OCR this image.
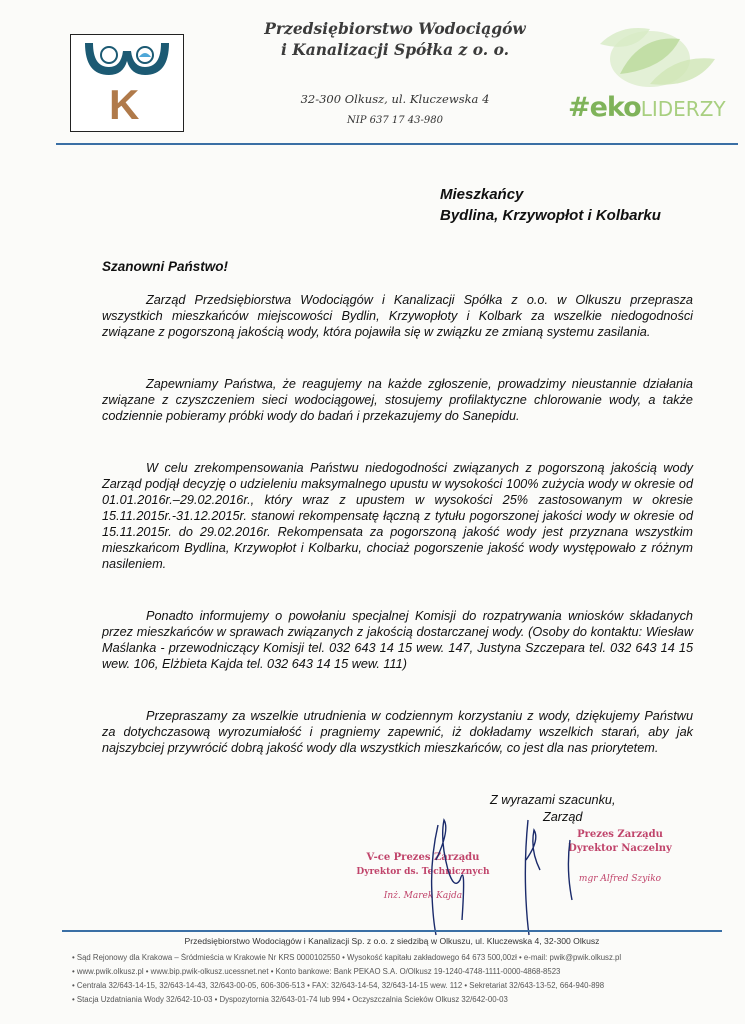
K
Przedsiębiorstwo Wodociągów
i Kanalizacji Spółka z o. o.
32-300 Olkusz, ul. Kluczewska 4
NIP 637 17 43-980	#ekoLIDERZY
Mieszkańcy
Bydlina, Krzywopłot i Kolbarku
Szanowni Państwo!

Zarząd Przedsiębiorstwa Wodociągów i Kanalizacji Spółka z o.o. w Olkuszu przeprasza wszystkich mieszkańców miejscowości Bydlin, Krzywopłoty i Kolbark za wszelkie niedogodności związane z pogorszoną jakością wody, która pojawiła się w związku ze zmianą systemu zasilania.

Zapewniamy Państwa, że reagujemy na każde zgłoszenie, prowadzimy nieustannie działania związane z czyszczeniem sieci wodociągowej, stosujemy profilaktyczne chlorowanie wody, a także codziennie pobieramy próbki wody do badań i przekazujemy do Sanepidu.

W celu zrekompensowania Państwu niedogodności związanych z pogorszoną jakością wody Zarząd podjął decyzję o udzieleniu maksymalnego upustu w wysokości 100% zużycia wody w okresie od 01.01.2016r.–29.02.2016r., który wraz z upustem w wysokości 25% zastosowanym w okresie 15.11.2015r.-31.12.2015r. stanowi rekompensatę łączną z tytułu pogorszonej jakości wody w okresie od 15.11.2015r. do 29.02.2016r. Rekompensata za pogorszoną jakość wody jest przyznana wszystkim mieszkańcom Bydlina, Krzywopłot i Kolbarku, chociaż pogorszenie jakość wody występowało z różnym nasileniem.

Ponadto informujemy o powołaniu specjalnej Komisji do rozpatrywania wniosków składanych przez mieszkańców w sprawach związanych z jakością dostarczanej wody. (Osoby do kontaktu: Wiesław Maślanka - przewodniczący Komisji tel. 032 643 14 15 wew. 147, Justyna Szczepara tel. 032 643 14 15 wew. 106, Elżbieta Kajda tel. 032 643 14 15 wew. 111)

Przepraszamy za wszelkie utrudnienia w codziennym korzystaniu z wody, dziękujemy Państwu za dotychczasową wyrozumiałość i pragniemy zapewnić, iż dokładamy wszelkich starań, aby jak najszybciej przywrócić dobrą jakość wody dla wszystkich mieszkańców, co jest dla nas priorytetem.

Z wyrazami szacunku,
Zarząd
V-ce Prezes Zarządu
Dyrektor ds. Technicznych
Inż. Marek Kajda
Prezes Zarządu
Dyrektor Naczelny
mgr Alfred Szyiko
Przedsiębiorstwo Wodociągów i Kanalizacji Sp. z o.o. z siedzibą w Olkuszu, ul. Kluczewska 4, 32-300 Olkusz
• Sąd Rejonowy dla Krakowa – Śródmieścia w Krakowie Nr KRS 0000102550 • Wysokość kapitału zakładowego 64 673 500,00zł • e-mail: pwik@pwik.olkusz.pl
• www.pwik.olkusz.pl • www.bip.pwik-olkusz.ucessnet.net • Konto bankowe: Bank PEKAO S.A. O/Olkusz 19-1240-4748-1111-0000-4868-8523
• Centrala 32/643-14-15, 32/643-14-43, 32/643-00-05, 606-306-513 • FAX: 32/643-14-54, 32/643-14-15 wew. 112 • Sekretariat 32/643-13-52, 664-940-898
• Stacja Uzdatniania Wody 32/642-10-03 • Dyspozytornia 32/643-01-74 lub 994 • Oczyszczalnia Ścieków Olkusz 32/642-00-03
